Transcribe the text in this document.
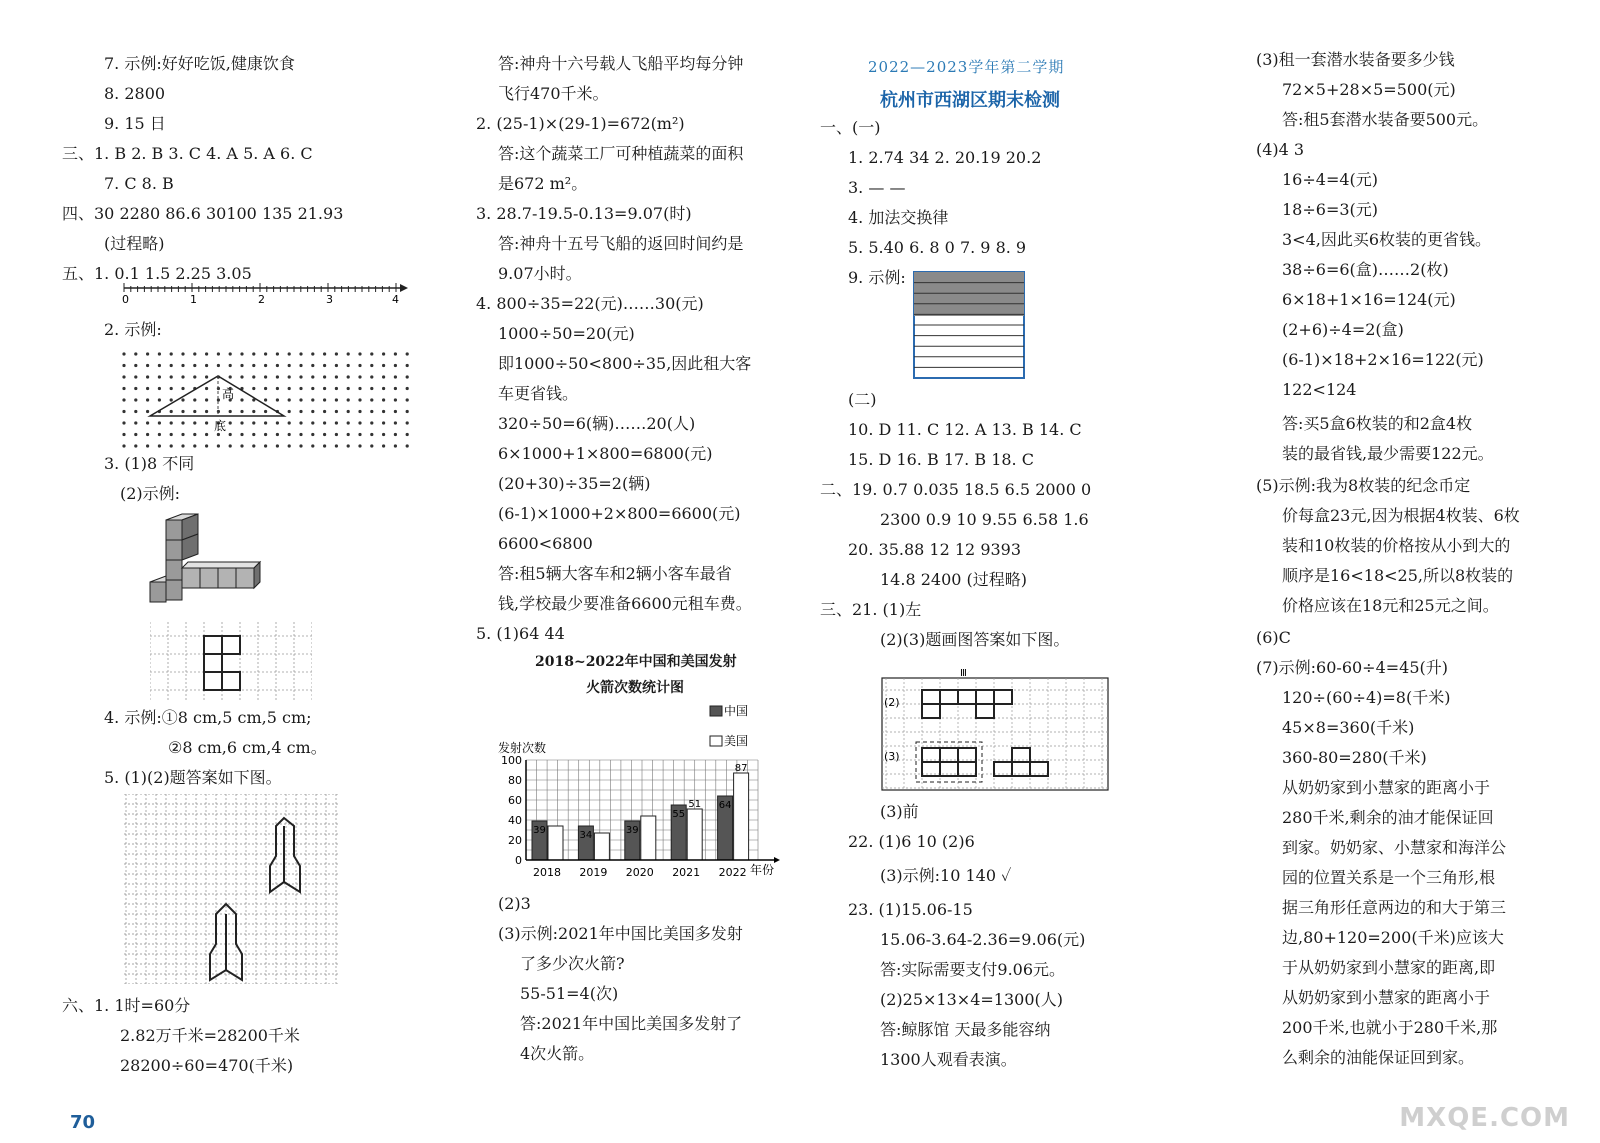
7. 示例:好好吃饭,健康饮食
8. 2800
9. 15 日
三、1. B 2. B 3. C 4. A 5. A 6. C
7. C 8. B
四、30 2280 86.6 30100 135 21.93
(过程略)
五、1. 0.1 1.5 2.25 3.05
0	1	2	3	4
2. 示例:
高
底
3. (1)8 不同
(2)示例:
4. 示例:①8 cm,5 cm,5 cm;
②8 cm,6 cm,4 cm。
5. (1)(2)题答案如下图。
六、1. 1时=60分
2.82万千米=28200千米
28200÷60=470(千米)
答:神舟十六号载人飞船平均每分钟
飞行470千米。
2. (25-1)×(29-1)=672(m²)
答:这个蔬菜工厂可种植蔬菜的面积
是672 m²。
3. 28.7-19.5-0.13=9.07(时)
答:神舟十五号飞船的返回时间约是
9.07小时。
4. 800÷35=22(元)……30(元)
1000÷50=20(元)
即1000÷50<800÷35,因此租大客
车更省钱。
320÷50=6(辆)……20(人)
6×1000+1×800=6800(元)
(20+30)÷35=2(辆)
(6-1)×1000+2×800=6600(元)
6600<6800
答:租5辆大客车和2辆小客车最省
钱,学校最少要准备6600元租车费。
5. (1)64 44
2018~2022年中国和美国发射
火箭次数统计图
0
20
40
60
80
100
39
2018
34
2019
39
2020
55
51
2021
64
87
2022
中国
美国
发射次数
年份
(2)3
(3)示例:2021年中国比美国多发射
了多少次火箭?
55-51=4(次)
答:2021年中国比美国多发射了
4次火箭。
2022—2023学年第二学期
杭州市西湖区期末检测
一、(一)
1. 2.74 34 2. 20.19 20.2
3. — —
4. 加法交换律
5. 5.40 6. 8 0 7. 9 8. 9
9. 示例:
(二)
10. D 11. C 12. A 13. B 14. C
15. D 16. B 17. B 18. C
二、19. 0.7 0.035 18.5 6.5 2000 0
2300 0.9 10 9.55 6.58 1.6
20. 35.88 12 12 9393
14.8 2400 (过程略)
三、21. (1)左
(2)(3)题画图答案如下图。
Ⅲ
(2)
(3)
(3)前
22. (1)6 10 (2)6
(3)示例:10 140 ✓
23. (1)15.06-15
15.06-3.64-2.36=9.06(元)
答:实际需要支付9.06元。
(2)25×13×4=1300(人)
答:鲸豚馆 天最多能容纳
1300人观看表演。
(3)租一套潜水装备要多少钱
72×5+28×5=500(元)
答:租5套潜水装备要500元。
(4)4 3
16÷4=4(元)
18÷6=3(元)
3<4,因此买6枚装的更省钱。
38÷6=6(盒)……2(枚)
6×18+1×16=124(元)
(2+6)÷4=2(盒)
(6-1)×18+2×16=122(元)
122<124
答:买5盒6枚装的和2盒4枚
装的最省钱,最少需要122元。
(5)示例:我为8枚装的纪念币定
价每盒23元,因为根据4枚装、6枚
装和10枚装的价格按从小到大的
顺序是16<18<25,所以8枚装的
价格应该在18元和25元之间。
(6)C
(7)示例:60-60÷4=45(升)
120÷(60÷4)=8(千米)
45×8=360(千米)
360-80=280(千米)
从奶奶家到小慧家的距离小于
280千米,剩余的油才能保证回
到家。奶奶家、小慧家和海洋公
园的位置关系是一个三角形,根
据三角形任意两边的和大于第三
边,80+120=200(千米)应该大
于从奶奶家到小慧家的距离,即
从奶奶家到小慧家的距离小于
200千米,也就小于280千米,那
么剩余的油能保证回到家。
70	MXQE.COM
